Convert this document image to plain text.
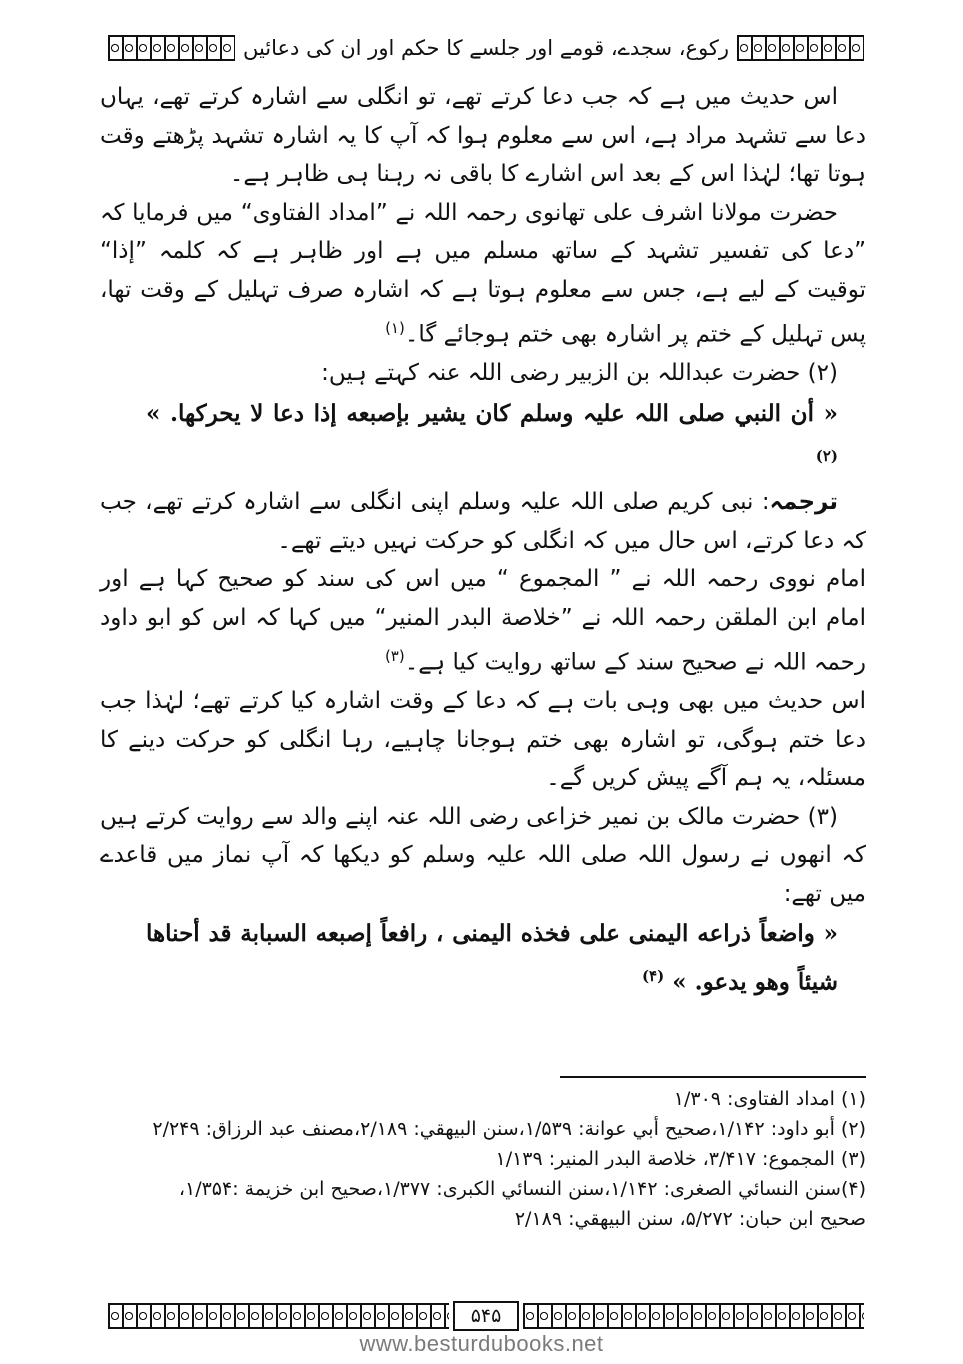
رکوع، سجدے، قومے اور جلسے کا حکم اور ان کی دعائیں

اس حدیث میں ہے کہ جب دعا کرتے تھے، تو انگلی سے اشارہ کرتے تھے، یہاں دعا سے تشہد مراد ہے، اس سے معلوم ہوا کہ آپ کا یہ اشارہ تشہد پڑھتے وقت ہوتا تھا؛ لہٰذا اس کے بعد اس اشارے کا باقی نہ رہنا ہی ظاہر ہے۔

حضرت مولانا اشرف علی تھانوی رحمہ اللہ نے ”امداد الفتاوی“ میں فرمایا کہ ”دعا کی تفسیر تشہد کے ساتھ مسلم میں ہے اور ظاہر ہے کہ کلمہ ”إذا“ توقیت کے لیے ہے، جس سے معلوم ہوتا ہے کہ اشارہ صرف تہلیل کے وقت تھا، پس تہلیل کے ختم پر اشارہ بھی ختم ہوجائے گا۔$^{(۱)}$

(۲) حضرت عبداللہ بن الزبیر رضی اللہ عنہ کہتے ہیں:

« أن النبي صلی اللہ علیہ وسلم كان يشير بإصبعه إذا دعا لا يحركها. » $^{(۲)}$

ترجمہ: نبی کریم صلی اللہ علیہ وسلم اپنی انگلی سے اشارہ کرتے تھے، جب کہ دعا کرتے، اس حال میں کہ انگلی کو حرکت نہیں دیتے تھے۔

امام نووی رحمہ اللہ نے ” المجموع “ میں اس کی سند کو صحیح کہا ہے اور امام ابن الملقن رحمہ اللہ نے ”خلاصة البدر المنير“ میں کہا کہ اس کو ابو داود رحمہ اللہ نے صحیح سند کے ساتھ روایت کیا ہے۔$^{(۳)}$

اس حدیث میں بھی وہی بات ہے کہ دعا کے وقت اشارہ کیا کرتے تھے؛ لہٰذا جب دعا ختم ہوگی، تو اشارہ بھی ختم ہوجانا چاہیے، رہا انگلی کو حرکت دینے کا مسئلہ، یہ ہم آگے پیش کریں گے۔

(۳) حضرت مالک بن نمیر خزاعی رضی اللہ عنہ اپنے والد سے روایت کرتے ہیں کہ انھوں نے رسول اللہ صلی اللہ علیہ وسلم کو دیکھا کہ آپ نماز میں قاعدے میں تھے:

« واضعاً ذراعه اليمنى على فخذه اليمنى ، رافعاً إصبعه السبابة قد أحناها شيئاً وهو يدعو. » $^{(۴)}$

(۱) امداد الفتاوی: ۱/۳۰۹
(۲) أبو داود: ۱/۱۴۲،صحيح أبي عوانة: ۱/۵۳۹،سنن البيهقي: ۲/۱۸۹،مصنف عبد الرزاق: ۲/۲۴۹
(۳) المجموع: ۳/۴۱۷، خلاصة البدر المنير: ۱/۱۳۹
(۴)سنن النسائي الصغرى: ۱/۱۴۲،سنن النسائي الكبرى: ۱/۳۷۷،صحيح ابن خزيمة :۱/۳۵۴،
صحيح ابن حبان: ۵/۲۷۲، سنن البيهقي: ۲/۱۸۹
۵۴۵
www.besturdubooks.net
